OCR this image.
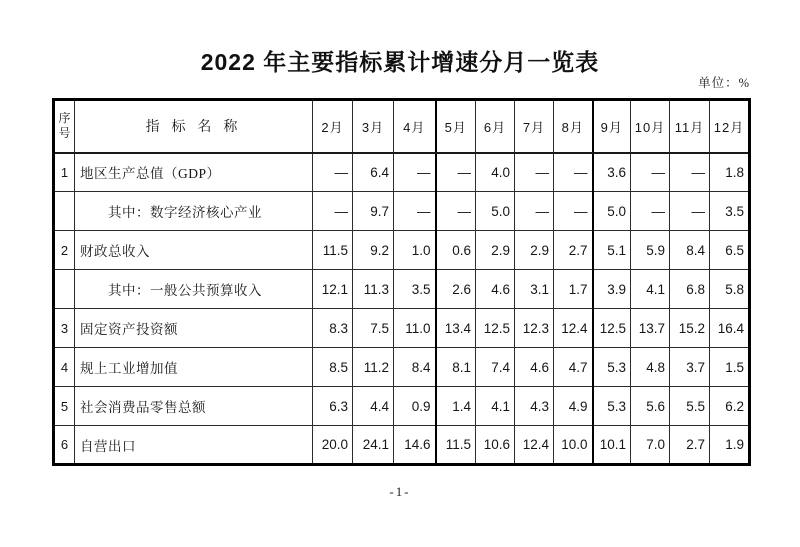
2022 年主要指标累计增速分月一览表
单位：%
序号	指 标 名 称	2月	3月	4月	5月	6月	7月	8月	9月	10月	11月	12月
1	地区生产总值（GDP）	—	6.4	—	—	4.0	—	—	3.6	—	—	1.8
	其中：数字经济核心产业	—	9.7	—	—	5.0	—	—	5.0	—	—	3.5
2	财政总收入	11.5	9.2	1.0	0.6	2.9	2.9	2.7	5.1	5.9	8.4	6.5
	其中：一般公共预算收入	12.1	11.3	3.5	2.6	4.6	3.1	1.7	3.9	4.1	6.8	5.8
3	固定资产投资额	8.3	7.5	11.0	13.4	12.5	12.3	12.4	12.5	13.7	15.2	16.4
4	规上工业增加值	8.5	11.2	8.4	8.1	7.4	4.6	4.7	5.3	4.8	3.7	1.5
5	社会消费品零售总额	6.3	4.4	0.9	1.4	4.1	4.3	4.9	5.3	5.6	5.5	6.2
6	自营出口	20.0	24.1	14.6	11.5	10.6	12.4	10.0	10.1	7.0	2.7	1.9
-1-
